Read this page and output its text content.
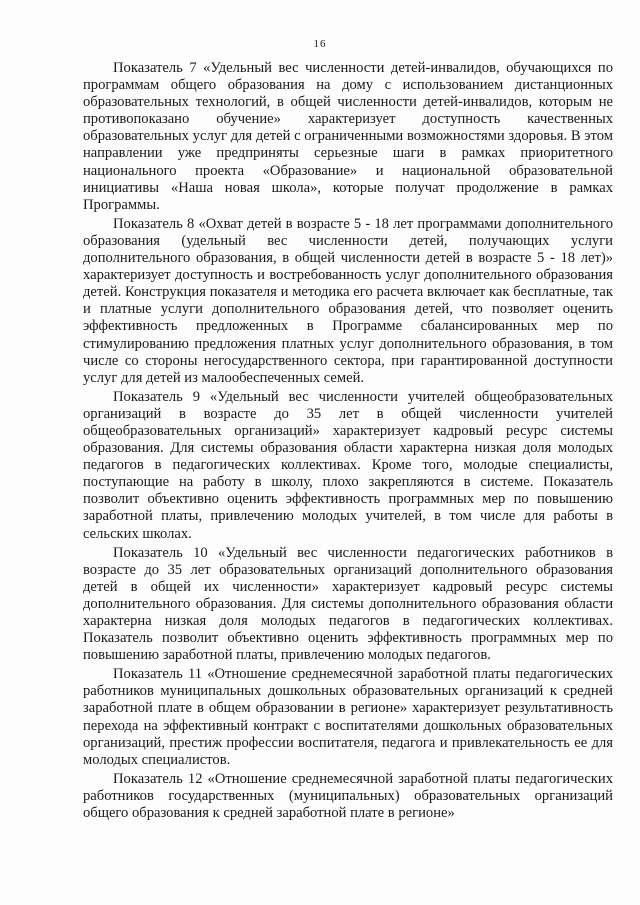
16

Показатель 7 «Удельный вес численности детей-инвалидов, обучающихся по программам общего образования на дому с использованием дистанционных образовательных технологий, в общей численности детей-инвалидов, которым не противопоказано обучение» характеризует доступность качественных образовательных услуг для детей с ограниченными возможностями здоровья. В этом направлении уже предприняты серьезные шаги в рамках приоритетного национального проекта «Образование» и национальной образовательной инициативы «Наша новая школа», которые получат продолжение в рамках Программы.

Показатель 8 «Охват детей в возрасте 5 - 18 лет программами дополнительного образования (удельный вес численности детей, получающих услуги дополнительного образования, в общей численности детей в возрасте 5 - 18 лет)» характеризует доступность и востребованность услуг дополнительного образования детей. Конструкция показателя и методика его расчета включает как бесплатные, так и платные услуги дополнительного образования детей, что позволяет оценить эффективность предложенных в Программе сбалансированных мер по стимулированию предложения платных услуг дополнительного образования, в том числе со стороны негосударственного сектора, при гарантированной доступности услуг для детей из малообеспеченных семей.

Показатель 9 «Удельный вес численности учителей общеобразовательных организаций в возрасте до 35 лет в общей численности учителей общеобразовательных организаций» характеризует кадровый ресурс системы образования. Для системы образования области характерна низкая доля молодых педагогов в педагогических коллективах. Кроме того, молодые специалисты, поступающие на работу в школу, плохо закрепляются в системе. Показатель позволит объективно оценить эффективность программных мер по повышению заработной платы, привлечению молодых учителей, в том числе для работы в сельских школах.

Показатель 10 «Удельный вес численности педагогических работников в возрасте до 35 лет образовательных организаций дополнительного образования детей в общей их численности» характеризует кадровый ресурс системы дополнительного образования. Для системы дополнительного образования области характерна низкая доля молодых педагогов в педагогических коллективах. Показатель позволит объективно оценить эффективность программных мер по повышению заработной платы, привлечению молодых педагогов.

Показатель 11 «Отношение среднемесячной заработной платы педагогических работников муниципальных дошкольных образовательных организаций к средней заработной плате в общем образовании в регионе» характеризует результативность перехода на эффективный контракт с воспитателями дошкольных образовательных организаций, престиж профессии воспитателя, педагога и привлекательность ее для молодых специалистов.

Показатель 12 «Отношение среднемесячной заработной платы педагогических работников государственных (муниципальных) образовательных организаций общего образования к средней заработной плате в регионе»
